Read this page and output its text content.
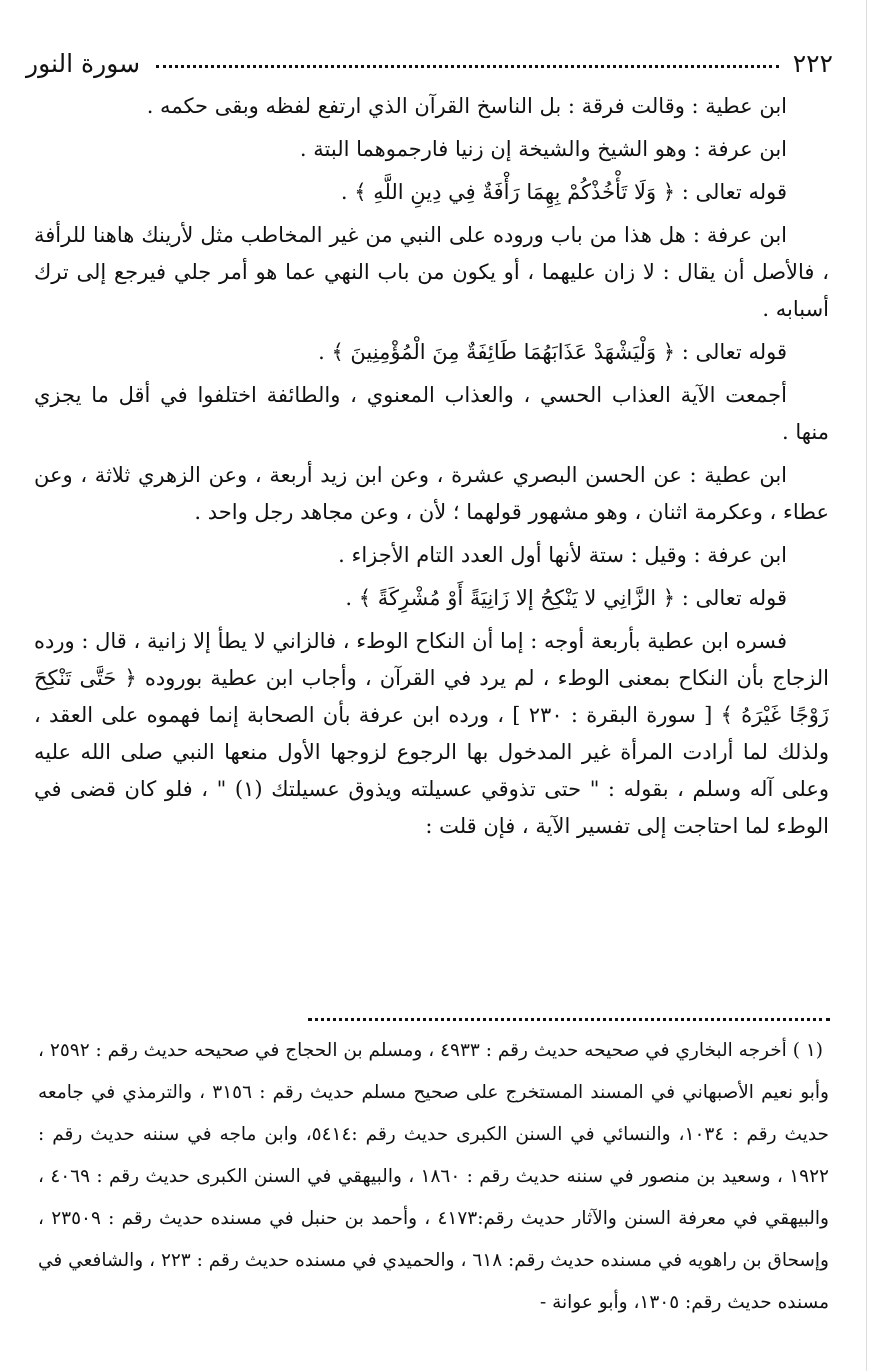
٢٢٢
سورة النور

ابن عطية : وقالت فرقة : بل الناسخ القرآن الذي ارتفع لفظه وبقى حكمه .

ابن عرفة : وهو الشيخ والشيخة إن زنيا فارجموهما البتة .

قوله تعالى : ﴿ وَلَا تَأْخُذْكُمْ بِهِمَا رَأْفَةٌ فِي دِينِ اللَّهِ ﴾ .

ابن عرفة : هل هذا من باب وروده على النبي من غير المخاطب مثل لأرينك هاهنا للرأفة ، فالأصل أن يقال : لا زان عليهما ، أو يكون من باب النهي عما هو أمر جلي فيرجع إلى ترك أسبابه .

قوله تعالى : ﴿ وَلْيَشْهَدْ عَذَابَهُمَا طَائِفَةٌ مِنَ الْمُؤْمِنِينَ ﴾ .

أجمعت الآية العذاب الحسي ، والعذاب المعنوي ، والطائفة اختلفوا في أقل ما يجزي منها .

ابن عطية : عن الحسن البصري عشرة ، وعن ابن زيد أربعة ، وعن الزهري ثلاثة ، وعن عطاء ، وعكرمة اثنان ، وهو مشهور قولهما ؛ لأن ، وعن مجاهد رجل واحد .

ابن عرفة : وقيل : ستة لأنها أول العدد التام الأجزاء .

قوله تعالى : ﴿ الزَّانِي لا يَنْكِحُ إلا زَانِيَةً أَوْ مُشْرِكَةً ﴾ .

فسره ابن عطية بأربعة أوجه : إما أن النكاح الوطء ، فالزاني لا يطأ إلا زانية ، قال : ورده الزجاج بأن النكاح بمعنى الوطء ، لم يرد في القرآن ، وأجاب ابن عطية بوروده ﴿ حَتَّى تَنْكِحَ زَوْجًا غَيْرَهُ ﴾ [ سورة البقرة : ٢٣٠ ] ، ورده ابن عرفة بأن الصحابة إنما فهموه على العقد ، ولذلك لما أرادت المرأة غير المدخول بها الرجوع لزوجها الأول منعها النبي صلى الله عليه وعلى آله وسلم ، بقوله : " حتى تذوقي عسيلته ويذوق عسيلتك (١) " ، فلو كان قضى في الوطء لما احتاجت إلى تفسير الآية ، فإن قلت :

(١ ) أخرجه البخاري في صحيحه حديث رقم : ٤٩٣٣ ، ومسلم بن الحجاج في صحيحه حديث رقم : ٢٥٩٢ ، وأبو نعيم الأصبهاني في المسند المستخرج على صحيح مسلم حديث رقم : ٣١٥٦ ، والترمذي في جامعه حديث رقم : ١٠٣٤، والنسائي في السنن الكبرى حديث رقم :٥٤١٤، وابن ماجه في سننه حديث رقم : ١٩٢٢ ، وسعيد بن منصور في سننه حديث رقم : ١٨٦٠ ، والبيهقي في السنن الكبرى حديث رقم : ٤٠٦٩ ، والبيهقي في معرفة السنن والآثار حديث رقم:٤١٧٣ ، وأحمد بن حنبل في مسنده حديث رقم : ٢٣٥٠٩ ، وإسحاق بن راهويه في مسنده حديث رقم: ٦١٨ ، والحميدي في مسنده حديث رقم : ٢٢٣ ، والشافعي في مسنده حديث رقم: ١٣٠٥، وأبو عوانة -
